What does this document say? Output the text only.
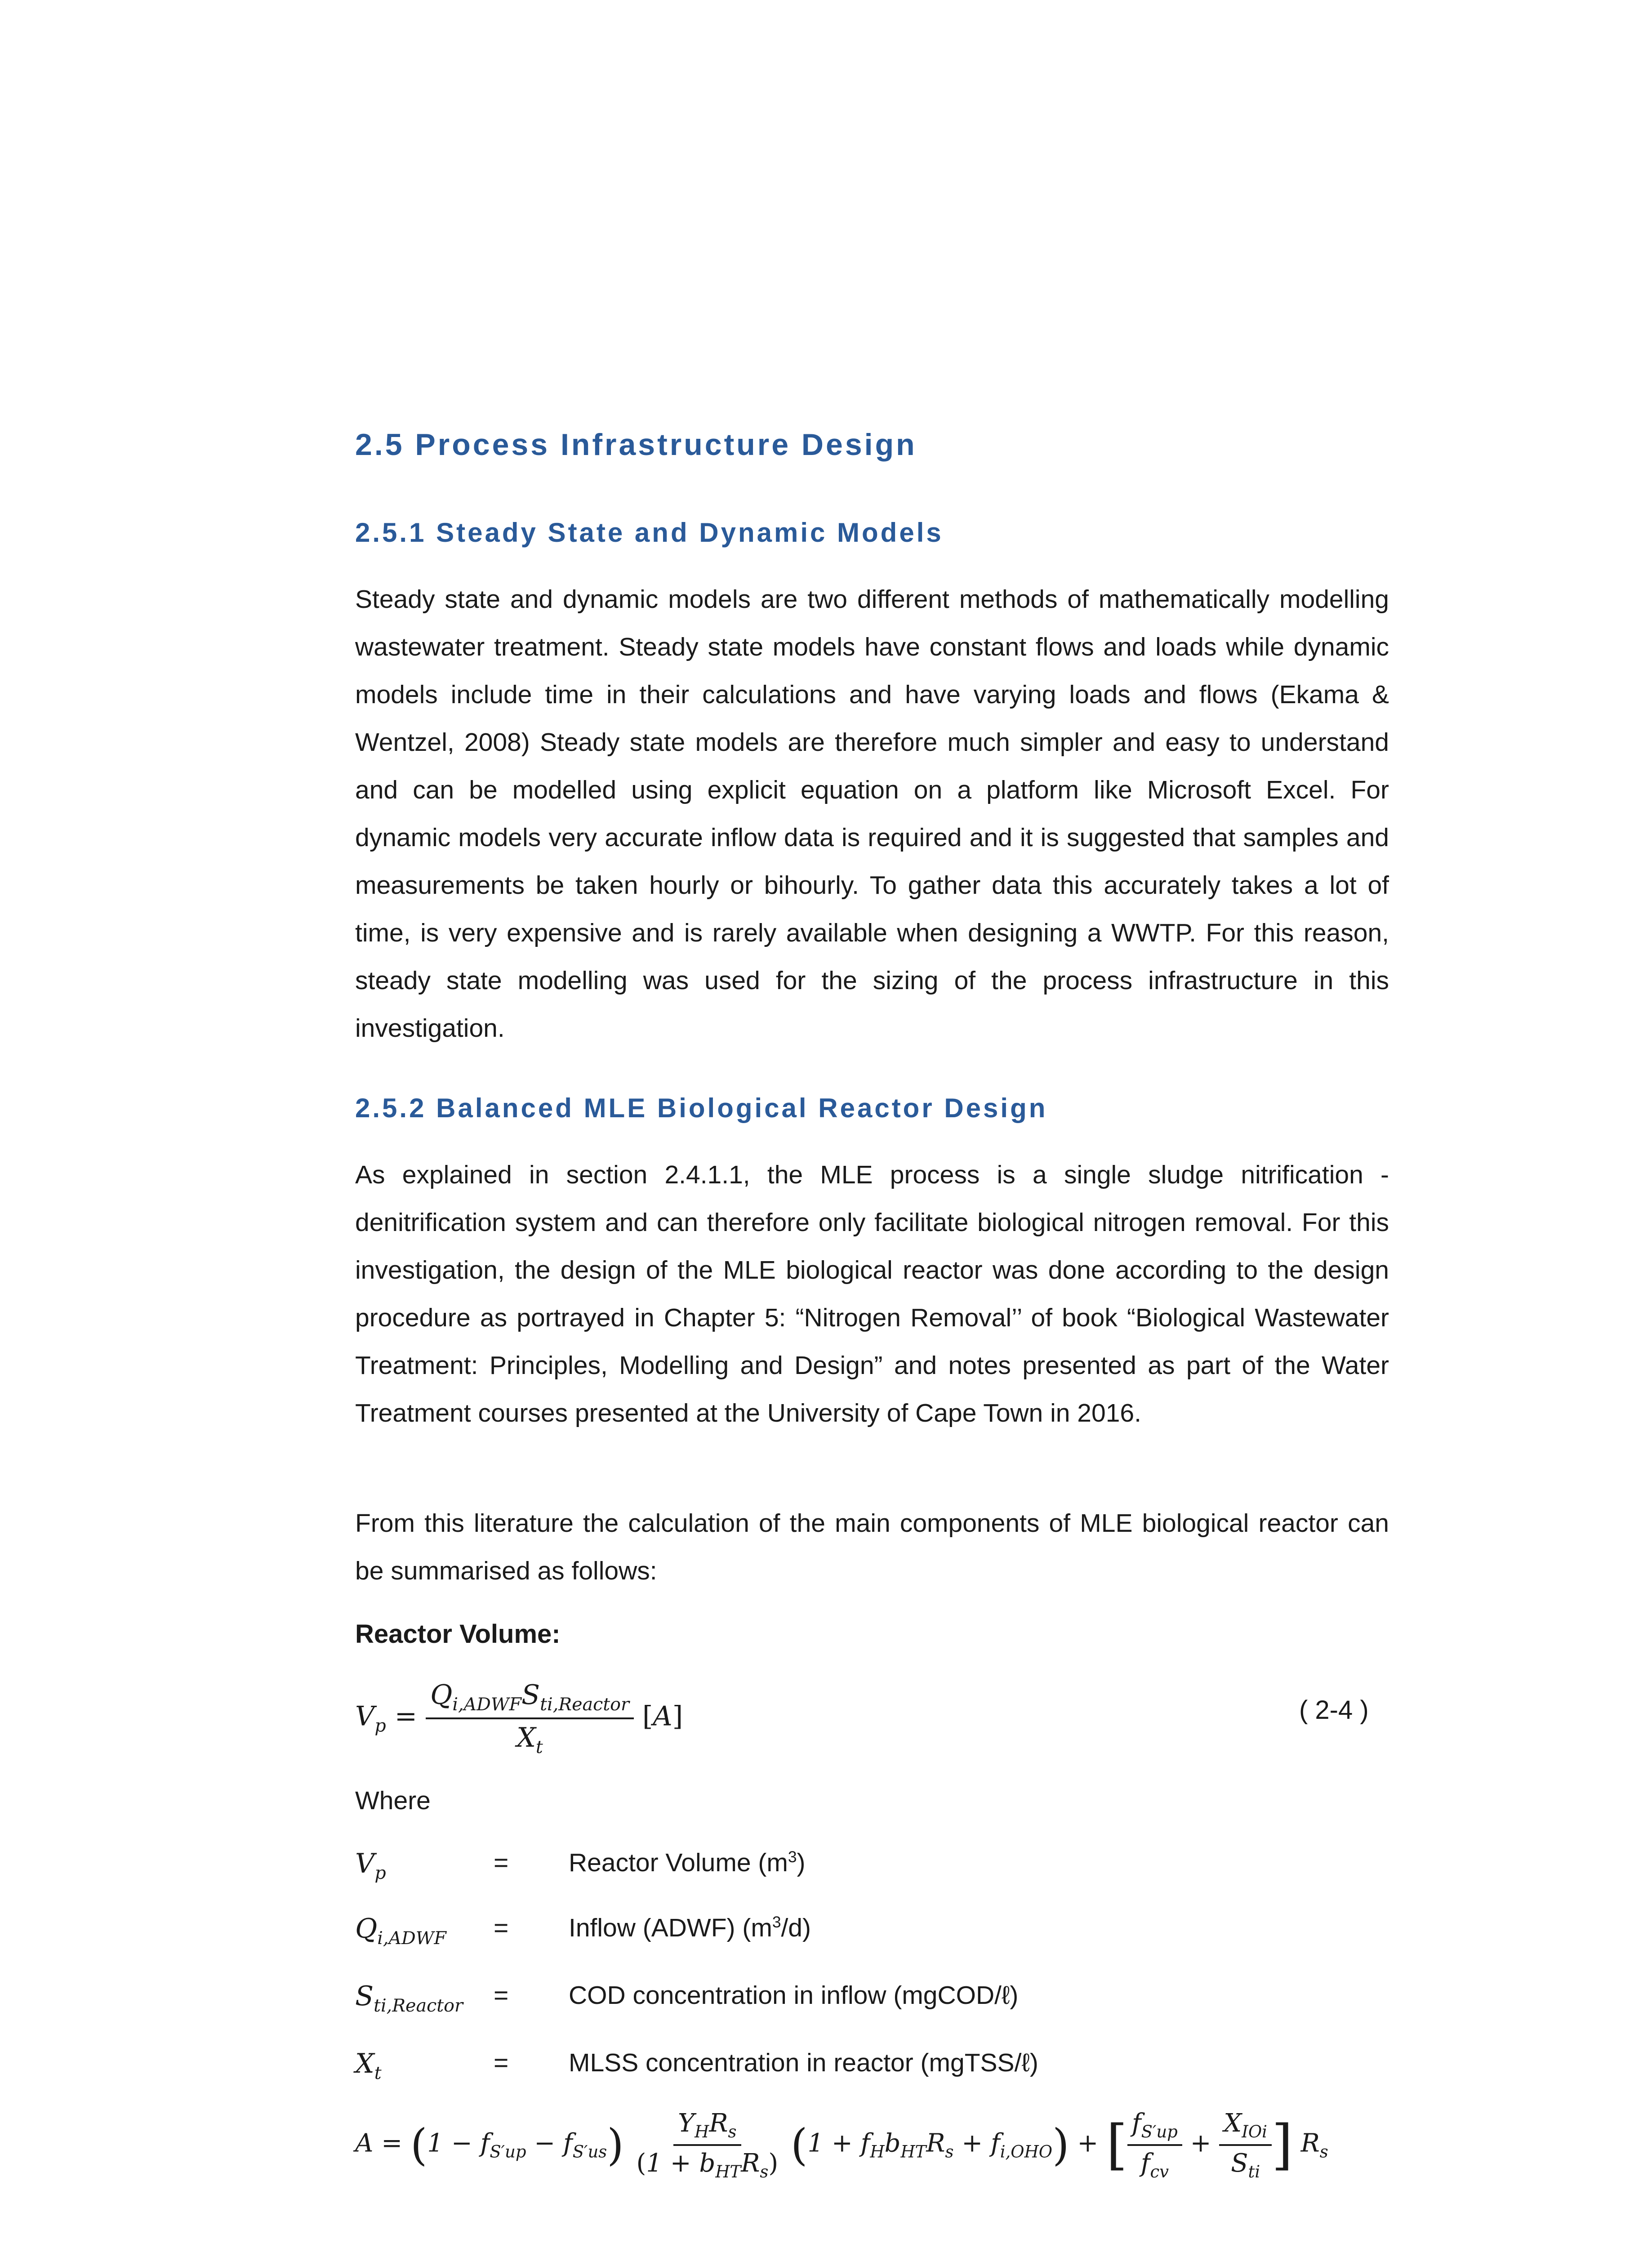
2.5 Process Infrastructure Design
2.5.1 Steady State and Dynamic Models

Steady state and dynamic models are two different methods of mathematically modelling wastewater treatment. Steady state models have constant flows and loads while dynamic models include time in their calculations and have varying loads and flows (Ekama & Wentzel, 2008) Steady state models are therefore much simpler and easy to understand and can be modelled using explicit equation on a platform like Microsoft Excel. For dynamic models very accurate inflow data is required and it is suggested that samples and measurements be taken hourly or bihourly. To gather data this accurately takes a lot of time, is very expensive and is rarely available when designing a WWTP. For this reason, steady state modelling was used for the sizing of the process infrastructure in this investigation.

2.5.2 Balanced MLE Biological Reactor Design

As explained in section 2.4.1.1, the MLE process is a single sludge nitrification - denitrification system and can therefore only facilitate biological nitrogen removal. For this investigation, the design of the MLE biological reactor was done according to the design procedure as portrayed in Chapter 5: “Nitrogen Removal’’ of book “Biological Wastewater Treatment: Principles, Modelling and Design” and notes presented as part of the Water Treatment courses presented at the University of Cape Town in 2016.

From this literature the calculation of the main components of MLE biological reactor can be summarised as follows:

Reactor Volume:

$V_p = \frac{Q_{i,ADWF}S_{ti,Reactor}}{X_t} [A]$	( 2-4 )

Where

$V_p$	= Reactor Volume $(m^3)$
$Q_{i,ADWF}$ = Inflow (ADWF) $(m^3/d)$
$S_{ti,Reactor}$ = COD concentration in inflow (mgCOD/ℓ)
$X_t$	= MLSS concentration in reactor (mgTSS/ℓ)
$A = (1 - f_{S'up} - f_{S'us}) \frac{Y_HR_s}{(1 + b_{HT}R_s)} (1 + f_Hb_{HT}R_s + f_{i,OHO})$ + [ $\frac{f_{S'up}}{f_{cv}} + \frac{X_{IOi}}{S_{ti}}$ ] $R_s$
